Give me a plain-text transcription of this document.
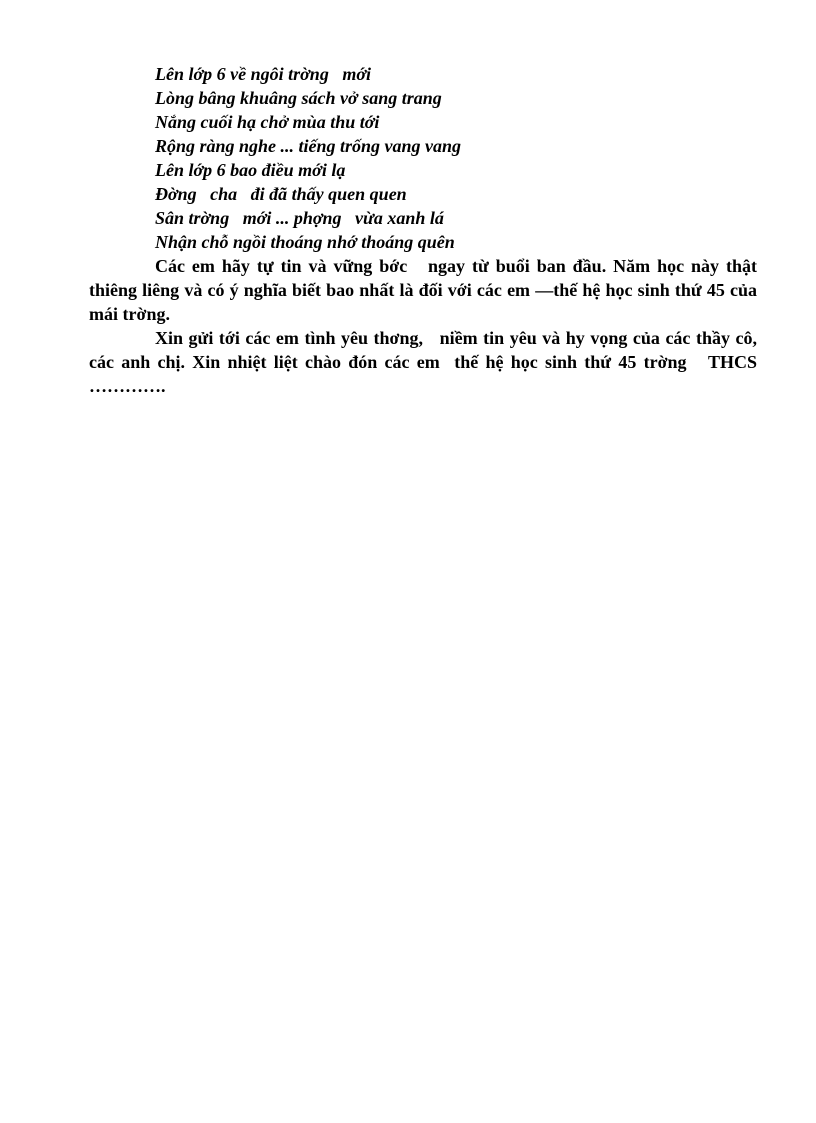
Lên lớp 6 về ngôi trờng   mới
Lòng bâng khuâng sách vở sang trang
Nắng cuối hạ chở mùa thu tới
Rộng ràng nghe ... tiếng trống vang vang
Lên lớp 6 bao điều mới lạ
Đờng   cha   đi đã thấy quen quen
Sân trờng   mới ... phợng   vừa xanh lá
Nhận chỗ ngồi thoáng nhớ thoáng quên

Các em hãy tự tin và vững bớc   ngay từ buổi ban đầu. Năm học này thật thiêng liêng và có ý nghĩa biết bao nhất là đối với các em —thế hệ học sinh thứ 45 của mái trờng.

Xin gửi tới các em tình yêu thơng,   niềm tin yêu và hy vọng của các thầy cô, các anh chị. Xin nhiệt liệt chào đón các em  thế hệ học sinh thứ 45 trờng   THCS ………….
